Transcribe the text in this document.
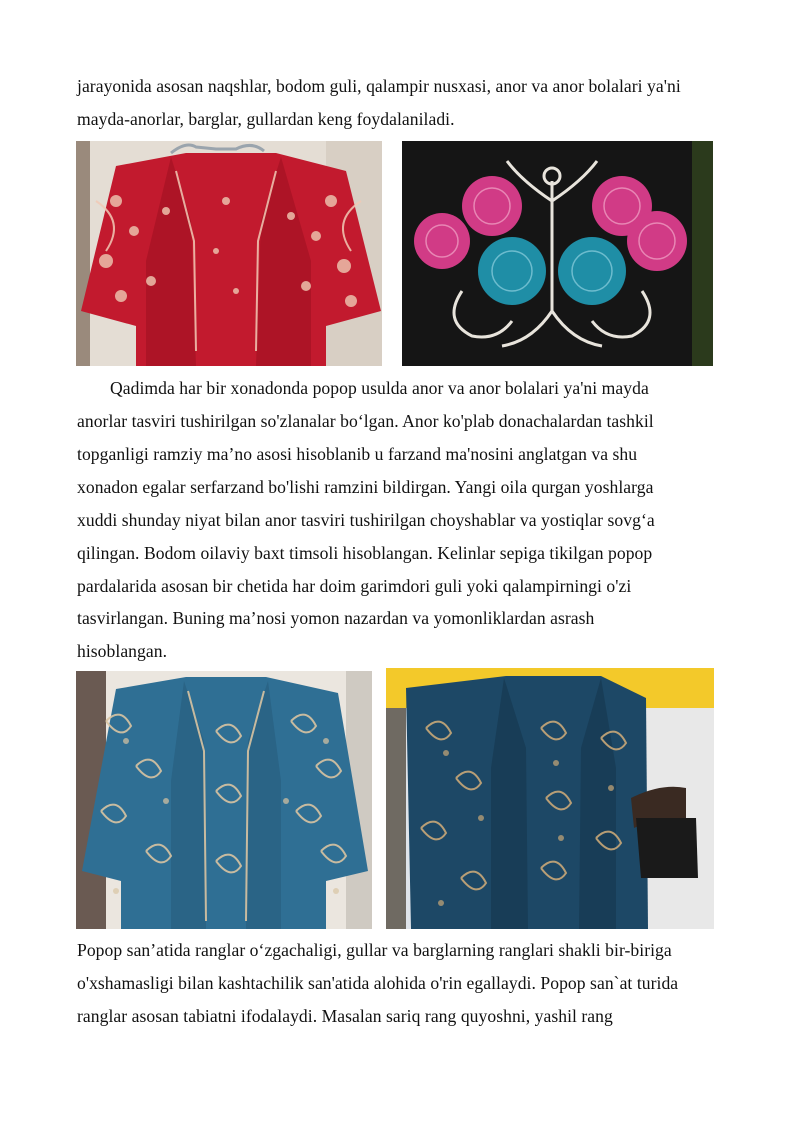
jarayonida asosan naqshlar, bodom guli, qalampir nusxasi, anor va anor bolalari ya'ni
mayda-anorlar, barglar, gullardan keng foydalaniladi.
Qadimda har bir xonadonda popop usulda anor va anor bolalari ya'ni mayda
anorlar tasviri tushirilgan so'zlanalar bo‘lgan. Anor ko'plab donachalardan tashkil
topganligi ramziy ma’no asosi hisoblanib u farzand ma'nosini anglatgan va shu
xonadon egalar serfarzand bo'lishi ramzini bildirgan. Yangi oila qurgan yoshlarga
xuddi shunday niyat bilan anor tasviri tushirilgan choyshablar va yostiqlar sovg‘a
qilingan. Bodom oilaviy baxt timsoli hisoblangan. Kelinlar sepiga tikilgan popop
pardalarida asosan bir chetida har doim garimdori guli yoki qalampirningi o'zi
tasvirlangan. Buning ma’nosi yomon nazardan va yomonliklardan asrash
hisoblangan.
Popop san’atida ranglar o‘zgachaligi, gullar va barglarning ranglari shakli bir-biriga
o'xshamasligi bilan kashtachilik san'atida alohida o'rin egallaydi. Popop san`at turida
ranglar asosan tabiatni ifodalaydi. Masalan sariq rang quyoshni, yashil rang
